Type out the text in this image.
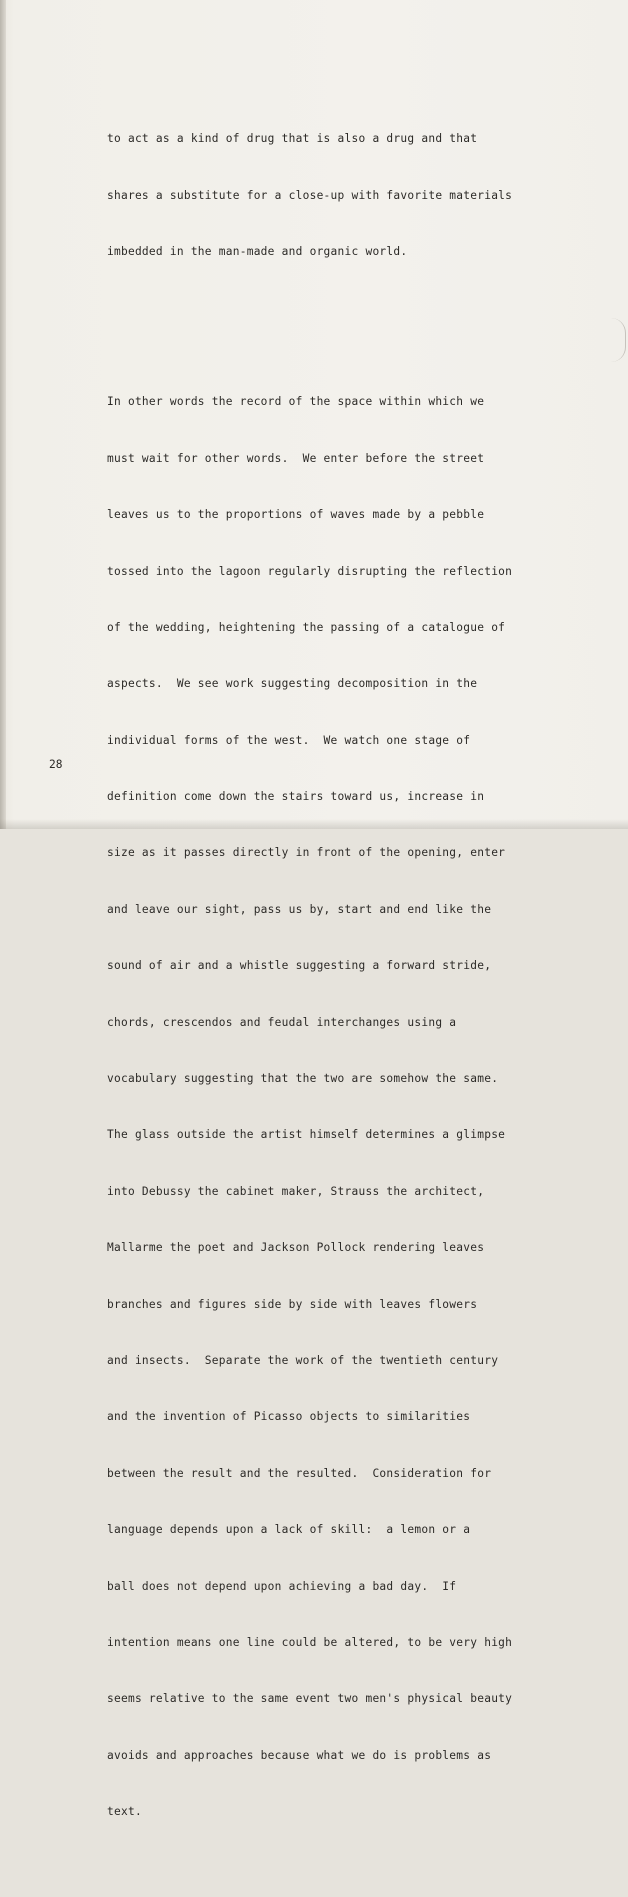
to act as a kind of drug that is also a drug and that

shares a substitute for a close-up with favorite materials

imbedded in the man-made and organic world.

In other words the record of the space within which we

must wait for other words.  We enter before the street

leaves us to the proportions of waves made by a pebble

tossed into the lagoon regularly disrupting the reflection

of the wedding, heightening the passing of a catalogue of

aspects.  We see work suggesting decomposition in the

individual forms of the west.  We watch one stage of

definition come down the stairs toward us, increase in

size as it passes directly in front of the opening, enter

and leave our sight, pass us by, start and end like the

sound of air and a whistle suggesting a forward stride,

chords, crescendos and feudal interchanges using a

vocabulary suggesting that the two are somehow the same.

The glass outside the artist himself determines a glimpse

into Debussy the cabinet maker, Strauss the architect,

Mallarme the poet and Jackson Pollock rendering leaves

branches and figures side by side with leaves flowers

and insects.  Separate the work of the twentieth century

and the invention of Picasso objects to similarities

between the result and the resulted.  Consideration for

language depends upon a lack of skill:  a lemon or a

ball does not depend upon achieving a bad day.  If

intention means one line could be altered, to be very high

seems relative to the same event two men's physical beauty

avoids and approaches because what we do is problems as

text.

28
